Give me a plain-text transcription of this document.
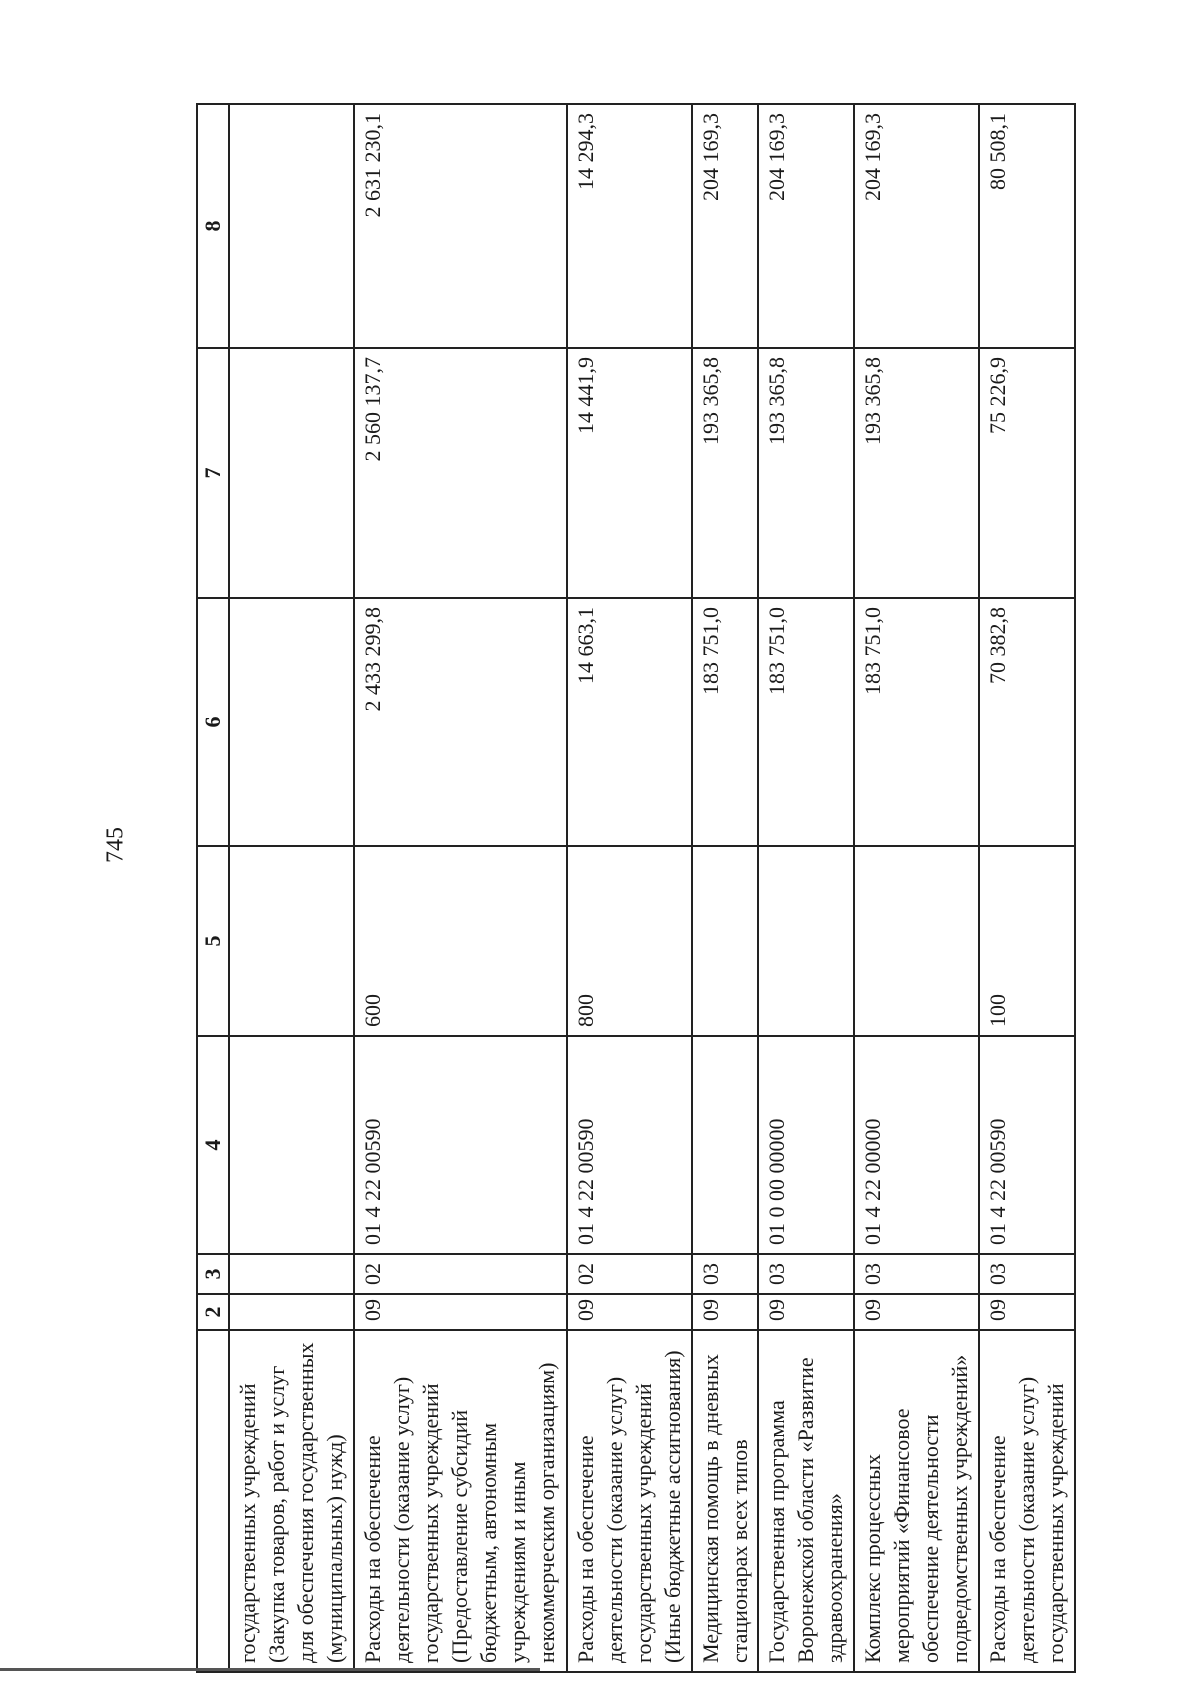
745
	2	3	4	5	6	7	8
государственных учреждений (Закупка товаров, работ и услуг для обеспечения государственных (муниципальных) нужд)							
Расходы на обеспечение деятельности (оказание услуг) государственных учреждений (Предоставление субсидий бюджетным, автономным учреждениям и иным некоммерческим организациям)	09	02	01 4 22 00590	600	2 433 299,8	2 560 137,7	2 631 230,1
Расходы на обеспечение деятельности (оказание услуг) государственных учреждений (Иные бюджетные ассигнования)	09	02	01 4 22 00590	800	14 663,1	14 441,9	14 294,3
Медицинская помощь в дневных стационарах всех типов	09	03			183 751,0	193 365,8	204 169,3
Государственная программа Воронежской области «Развитие здравоохранения»	09	03	01 0 00 00000		183 751,0	193 365,8	204 169,3
Комплекс процессных мероприятий «Финансовое обеспечение деятельности подведомственных учреждений»	09	03	01 4 22 00000		183 751,0	193 365,8	204 169,3
Расходы на обеспечение деятельности (оказание услуг) государственных учреждений	09	03	01 4 22 00590	100	70 382,8	75 226,9	80 508,1
